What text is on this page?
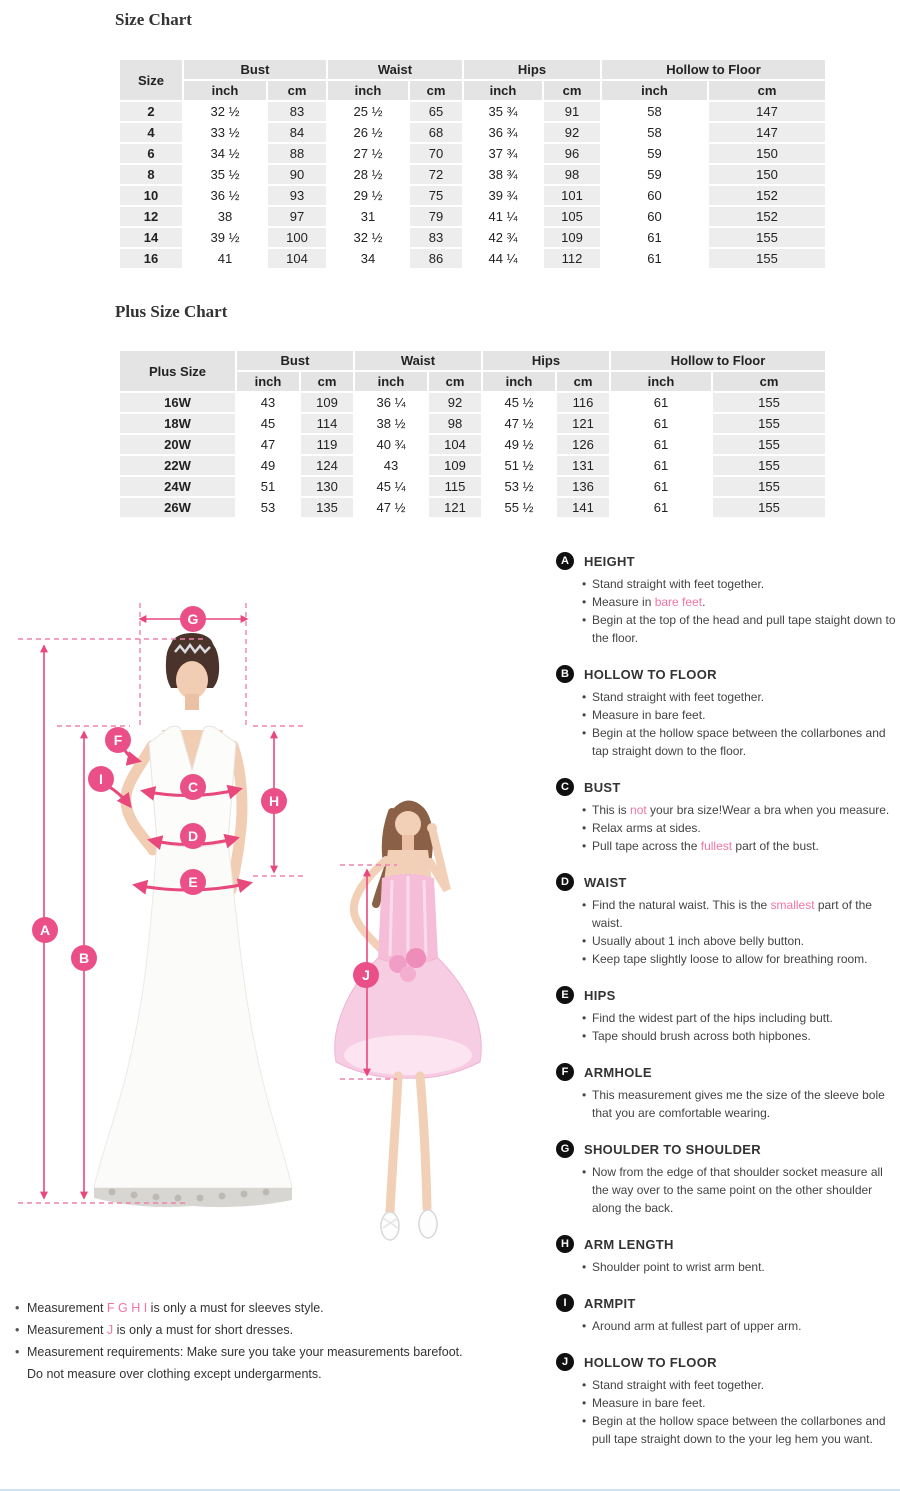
Size Chart
Size	Bust		Waist		Hips		Hollow to Floor	
	inch	cm	inch	cm	inch	cm	inch	cm
2	32 ½	83	25 ½	65	35 ¾	91	58	147
4	33 ½	84	26 ½	68	36 ¾	92	58	147
6	34 ½	88	27 ½	70	37 ¾	96	59	150
8	35 ½	90	28 ½	72	38 ¾	98	59	150
10	36 ½	93	29 ½	75	39 ¾	101	60	152
12	38	97	31	79	41 ¼	105	60	152
14	39 ½	100	32 ½	83	42 ¾	109	61	155
16	41	104	34	86	44 ¼	112	61	155
Plus Size Chart
Plus Size	Bust		Waist		Hips		Hollow to Floor	
	inch	cm	inch	cm	inch	cm	inch	cm
16W	43	109	36 ¼	92	45 ½	116	61	155
18W	45	114	38 ½	98	47 ½	121	61	155
20W	47	119	40 ¾	104	49 ½	126	61	155
22W	49	124	43	109	51 ½	131	61	155
24W	51	130	45 ¼	115	53 ½	136	61	155
26W	53	135	47 ½	121	55 ½	141	61	155
A
B
C
D
E
F
G
H
I
J
A	HEIGHT
• Stand straight with feet together.
• Measure in bare feet.
• Begin at the top of the head and pull tape staight down to the floor.
B	HOLLOW TO FLOOR
• Stand straight with feet together.
• Measure in bare feet.
• Begin at the hollow space between the collarbones and tap straight down to the floor.
C	BUST
• This is not your bra size!Wear a bra when you measure.
• Relax arms at sides.
• Pull tape across the fullest part of the bust.
D	WAIST
• Find the natural waist. This is the smallest part of the waist.
• Usually about 1 inch above belly button.
• Keep tape slightly loose to allow for breathing room.
E	HIPS
• Find the widest part of the hips including butt.
• Tape should brush across both hipbones.
F	ARMHOLE
• This measurement gives me the size of the sleeve bole that you are comfortable wearing.
G	SHOULDER TO SHOULDER
• Now from the edge of that shoulder socket measure all the way over to the same point on the other shoulder along the back.
H	ARM LENGTH
• Shoulder point to wrist arm bent.
I	ARMPIT
• Around arm at fullest part of upper arm.
J	HOLLOW TO FLOOR
• Stand straight with feet together.
• Measure in bare feet.
• Begin at the hollow space between the collarbones and pull tape straight down to the your leg hem you want.
• Measurement F G H I is only a must for sleeves style.
• Measurement J is only a must for short dresses.
• Measurement requirements: Make sure you take your measurements barefoot.
Do not measure over clothing except undergarments.
